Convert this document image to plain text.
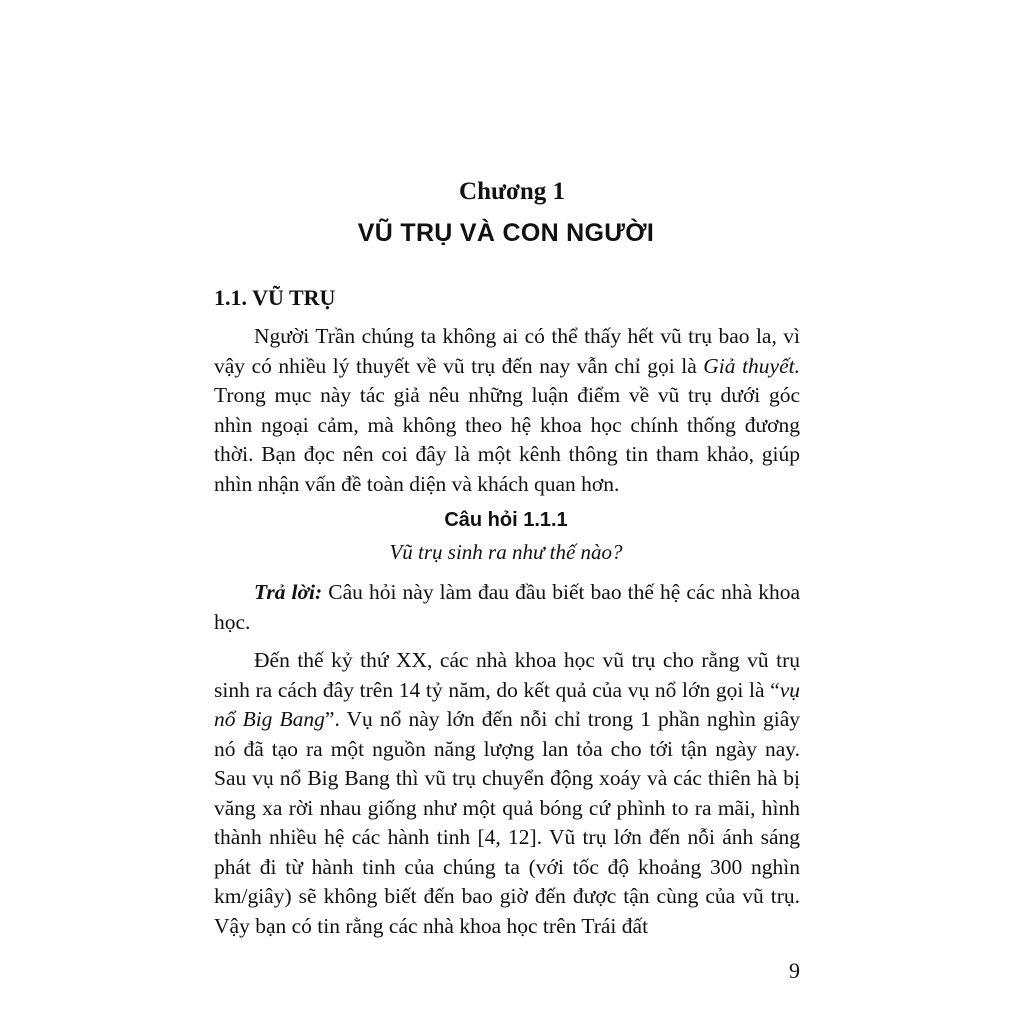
Chương 1
VŨ TRỤ VÀ CON NGƯỜI
1.1. VŨ TRỤ
Người Trần chúng ta không ai có thể thấy hết vũ trụ bao la, vì vậy có nhiều lý thuyết về vũ trụ đến nay vẫn chỉ gọi là Giả thuyết. Trong mục này tác giả nêu những luận điểm về vũ trụ dưới góc nhìn ngoại cảm, mà không theo hệ khoa học chính thống đương thời. Bạn đọc nên coi đây là một kênh thông tin tham khảo, giúp nhìn nhận vấn đề toàn diện và khách quan hơn.
Câu hỏi 1.1.1
Vũ trụ sinh ra như thế nào?
Trả lời: Câu hỏi này làm đau đầu biết bao thế hệ các nhà khoa học.
Đến thế kỷ thứ XX, các nhà khoa học vũ trụ cho rằng vũ trụ sinh ra cách đây trên 14 tỷ năm, do kết quả của vụ nổ lớn gọi là “vụ nổ Big Bang”. Vụ nổ này lớn đến nỗi chỉ trong 1 phần nghìn giây nó đã tạo ra một nguồn năng lượng lan tỏa cho tới tận ngày nay. Sau vụ nổ Big Bang thì vũ trụ chuyển động xoáy và các thiên hà bị văng xa rời nhau giống như một quả bóng cứ phình to ra mãi, hình thành nhiều hệ các hành tinh [4, 12]. Vũ trụ lớn đến nỗi ánh sáng phát đi từ hành tinh của chúng ta (với tốc độ khoảng 300 nghìn km/giây) sẽ không biết đến bao giờ đến được tận cùng của vũ trụ. Vậy bạn có tin rằng các nhà khoa học trên Trái đất
9
